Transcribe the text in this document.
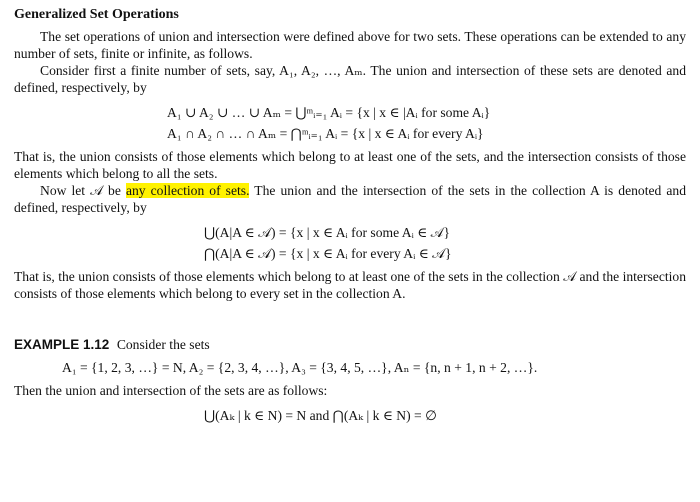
Generalized Set Operations

The set operations of union and intersection were defined above for two sets. These operations can be extended to any number of sets, finite or infinite, as follows.

Consider first a finite number of sets, say, A₁, A₂, …, Aₘ. The union and intersection of these sets are denoted and defined, respectively, by

A₁ ∪ A₂ ∪ … ∪ Aₘ = ⋃ᵐᵢ₌₁ Aᵢ = {x | x ∈ |Aᵢ for some Aᵢ}
A₁ ∩ A₂ ∩ … ∩ Aₘ = ⋂ᵐᵢ₌₁ Aᵢ = {x | x ∈ Aᵢ for every Aᵢ}

That is, the union consists of those elements which belong to at least one of the sets, and the intersection consists of those elements which belong to all the sets.

Now let 𝒜 be any collection of sets. The union and the intersection of the sets in the collection A is denoted and defined, respectively, by

⋃(A|A ∈ 𝒜) = {x | x ∈ Aᵢ for some Aᵢ ∈ 𝒜}
⋂(A|A ∈ 𝒜) = {x | x ∈ Aᵢ for every Aᵢ ∈ 𝒜}

That is, the union consists of those elements which belong to at least one of the sets in the collection 𝒜 and the intersection consists of those elements which belong to every set in the collection A.

EXAMPLE 1.12 Consider the sets
A₁ = {1, 2, 3, …} = N, A₂ = {2, 3, 4, …}, A₃ = {3, 4, 5, …}, Aₙ = {n, n + 1, n + 2, …}.

Then the union and intersection of the sets are as follows:

⋃(Aₖ | k ∈ N) = N and ⋂(Aₖ | k ∈ N) = ∅
